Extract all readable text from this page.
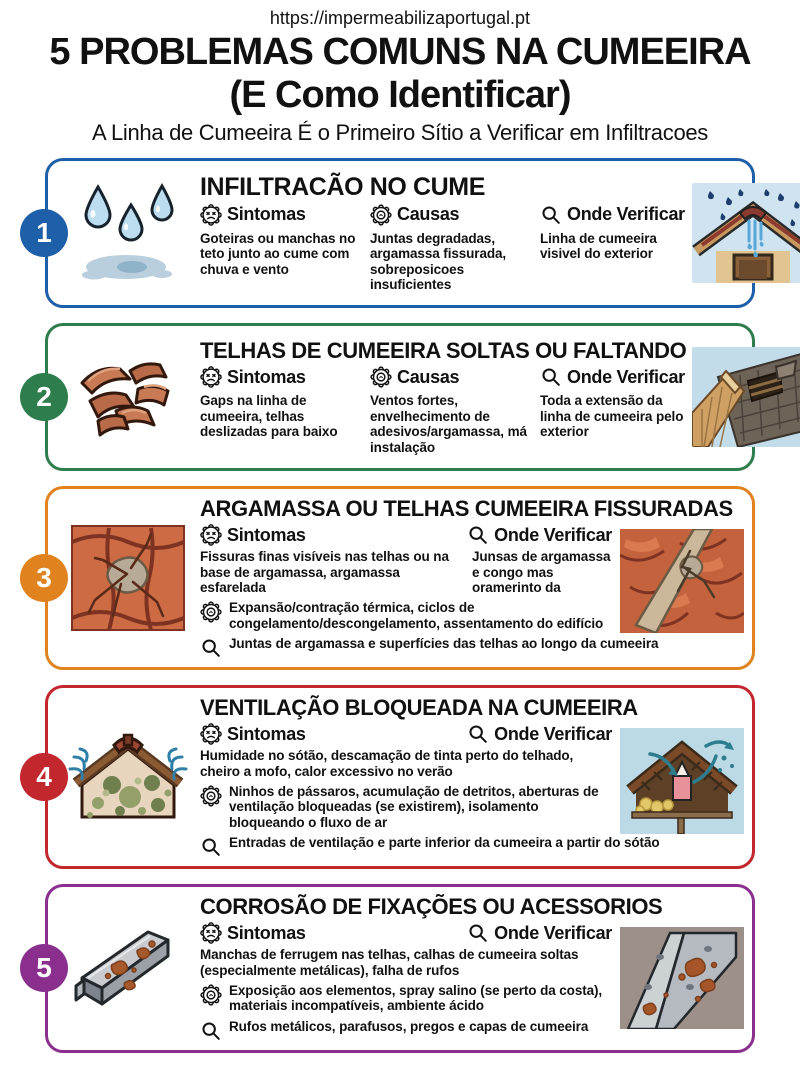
https://impermeabilizaportugal.pt
5 PROBLEMAS COMUNS NA CUMEEIRA
(E Como Identificar)
A Linha de Cumeeira É o Primeiro Sítio a Verificar em Infiltracoes
1
INFILTRACÃO NO CUME
Sintomas
Goteiras ou manchas no teto junto ao cume com chuva e vento
Causas
Juntas degradadas, argamassa fissurada, sobreposicoes insuficientes
Onde Verificar
Linha de cumeeira visivel do exterior
2
TELHAS DE CUMEEIRA SOLTAS OU FALTANDO
Sintomas
Gaps na linha de cumeeira, telhas deslizadas para baixo
Causas
Ventos fortes, envelhecimento de adesivos/argamassa, má instalação
Onde Verificar
Toda a extensão da linha de cumeeira pelo exterior
3
ARGAMASSA OU TELHAS CUMEEIRA FISSURADAS
Sintomas	Onde Verificar
Fissuras finas visíveis nas telhas ou na base de argamassa, argamassa esfarelada
Junsas de argamassa e congo mas oramerinto da
Expansão/contração térmica, ciclos de congelamento/descongelamento, assentamento do edifício
Juntas de argamassa e superfícies das telhas ao longo da cumeeira
4
VENTILAÇÃO BLOQUEADA NA CUMEEIRA
Sintomas	Onde Verificar
Humidade no sótão, descamação de tinta perto do telhado, cheiro a mofo, calor excessivo no verão
Ninhos de pássaros, acumulação de detritos, aberturas de ventilação bloqueadas (se existirem), isolamento bloqueando o fluxo de ar
Entradas de ventilação e parte inferior da cumeeira a partir do sótão
5
CORROSÃO DE FIXAÇÕES OU ACESSORIOS
Sintomas	Onde Verificar
Manchas de ferrugem nas telhas, calhas de cumeeira soltas (especialmente metálicas), falha de rufos
Exposição aos elementos, spray salino (se perto da costa), materiais incompatíveis, ambiente ácido
Rufos metálicos, parafusos, pregos e capas de cumeeira
